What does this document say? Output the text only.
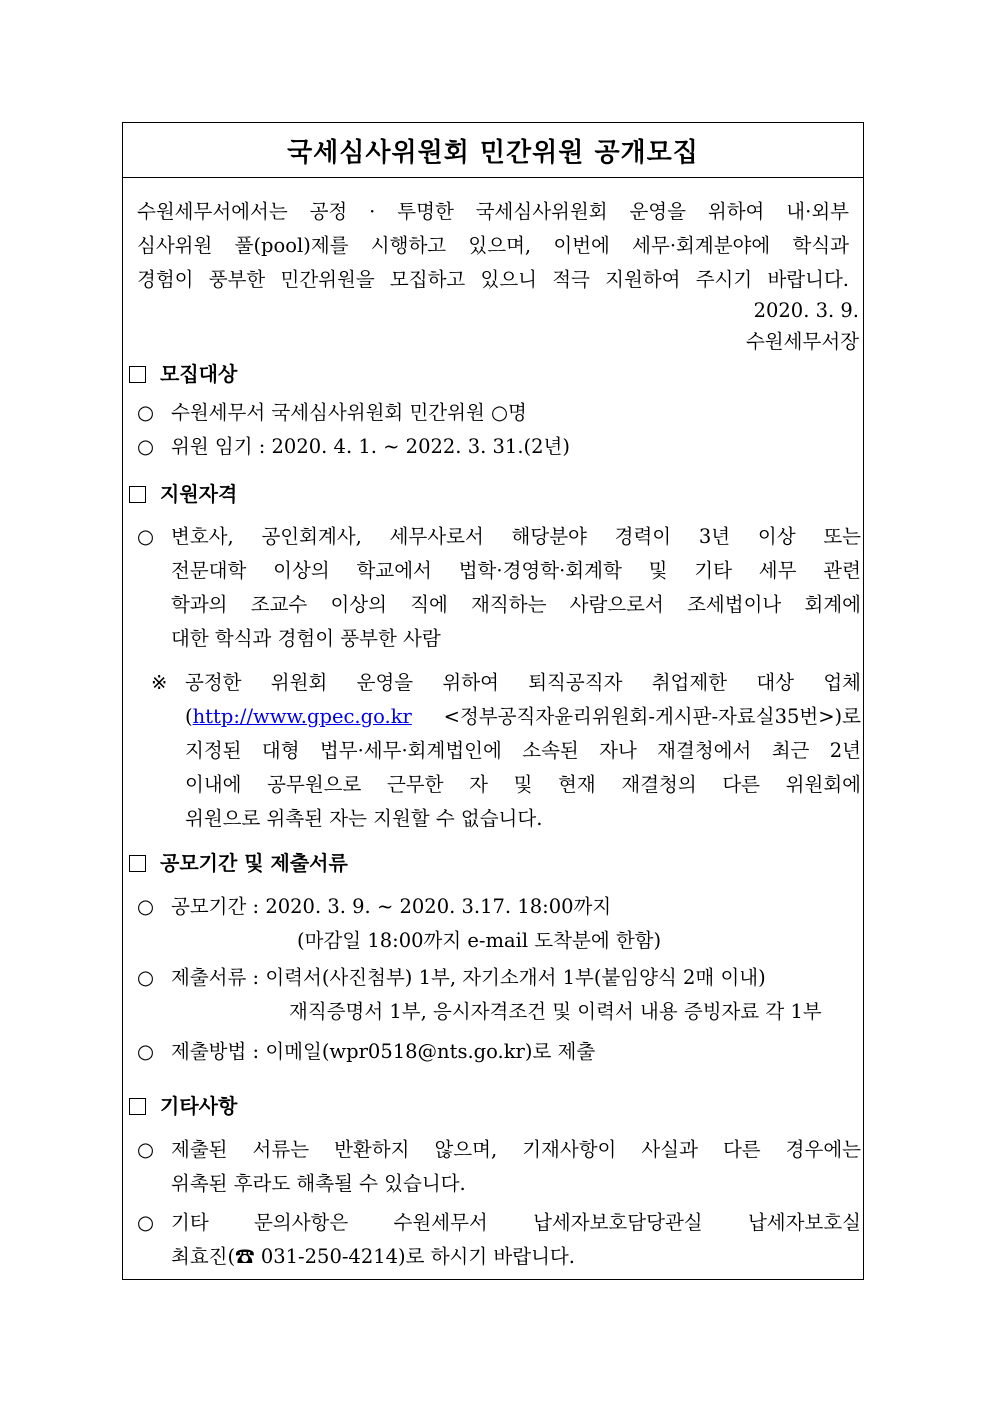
국세심사위원회 민간위원 공개모집
수원세무서에서는 공정 · 투명한 국세심사위원회 운영을 위하여 내·외부
심사위원 풀(pool)제를 시행하고 있으며, 이번에 세무·회계분야에 학식과
경험이 풍부한 민간위원을 모집하고 있으니 적극 지원하여 주시기 바랍니다.
2020. 3. 9.
수원세무서장
모집대상
○ 수원세무서 국세심사위원회 민간위원 ○명
○ 위원 임기 : 2020. 4. 1. ~ 2022. 3. 31.(2년)
지원자격
○ 변호사, 공인회계사, 세무사로서 해당분야 경력이 3년 이상 또는
전문대학 이상의 학교에서 법학·경영학·회계학 및 기타 세무 관련
학과의 조교수 이상의 직에 재직하는 사람으로서 조세법이나 회계에
대한 학식과 경험이 풍부한 사람
※ 공정한 위원회 운영을 위하여 퇴직공직자 취업제한 대상 업체
(http://www.gpec.go.kr <정부공직자윤리위원회-게시판-자료실35번>)로
지정된 대형 법무·세무·회계법인에 소속된 자나 재결청에서 최근 2년
이내에 공무원으로 근무한 자 및 현재 재결청의 다른 위원회에
위원으로 위촉된 자는 지원할 수 없습니다.
공모기간 및 제출서류
○ 공모기간 : 2020. 3. 9. ~ 2020. 3.17. 18:00까지
(마감일 18:00까지 e-mail 도착분에 한함)
○ 제출서류 : 이력서(사진첨부) 1부, 자기소개서 1부(붙임양식 2매 이내)
재직증명서 1부, 응시자격조건 및 이력서 내용 증빙자료 각 1부
○ 제출방법 : 이메일(wpr0518@nts.go.kr)로 제출
기타사항
○ 제출된 서류는 반환하지 않으며, 기재사항이 사실과 다른 경우에는
위촉된 후라도 해촉될 수 있습니다.
○ 기타 문의사항은 수원세무서 납세자보호담당관실 납세자보호실
최효진(☎ 031-250-4214)로 하시기 바랍니다.
